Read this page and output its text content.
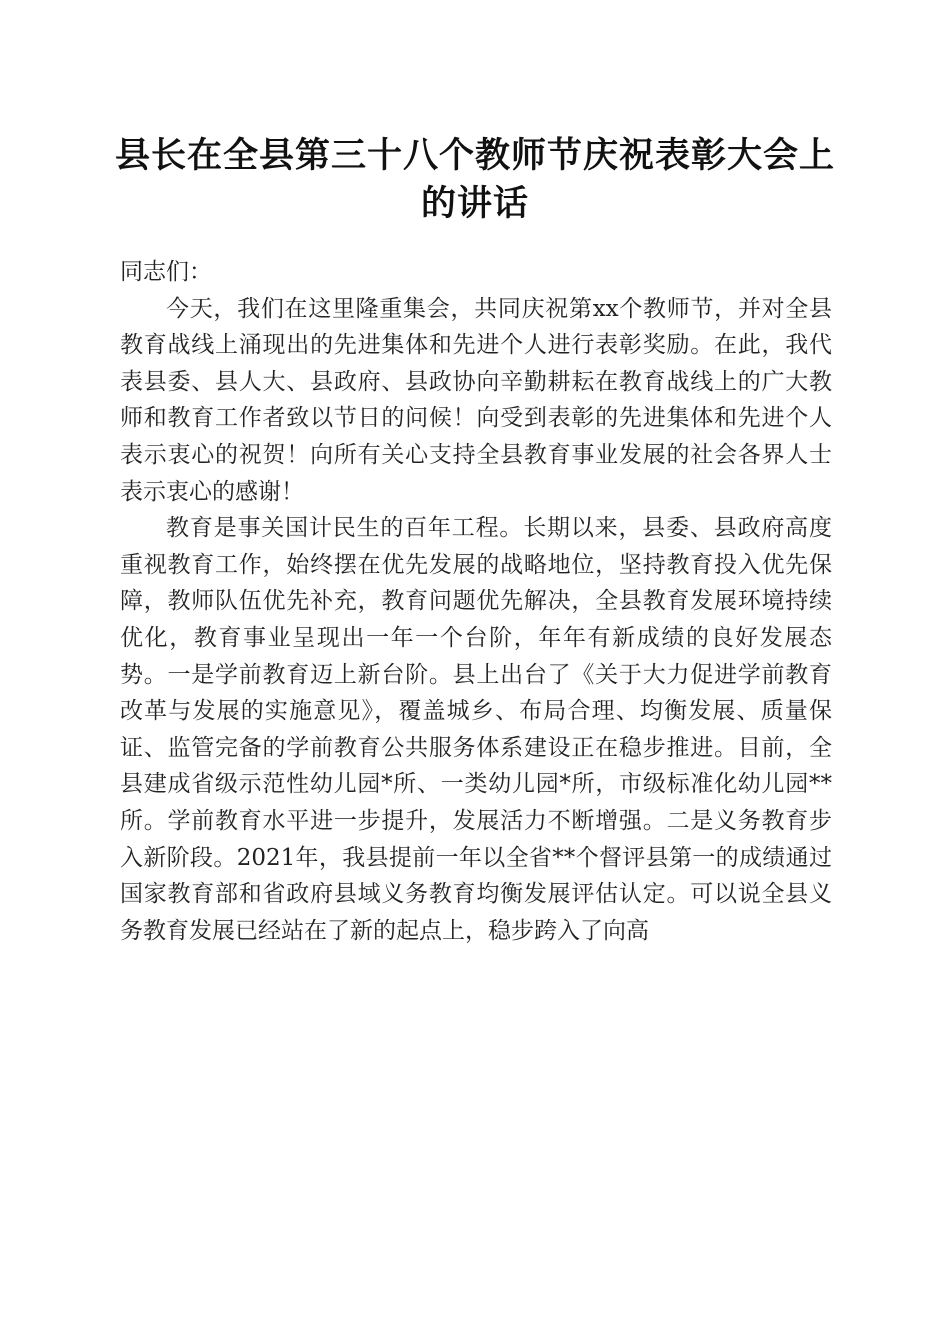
县长在全县第三十八个教师节庆祝表彰大会上
的讲话

同志们：

今天，我们在这里隆重集会，共同庆祝第xx个教师节，并对全县教育战线上涌现出的先进集体和先进个人进行表彰奖励。在此，我代表县委、县人大、县政府、县政协向辛勤耕耘在教育战线上的广大教师和教育工作者致以节日的问候！向受到表彰的先进集体和先进个人表示衷心的祝贺！向所有关心支持全县教育事业发展的社会各界人士表示衷心的感谢！

教育是事关国计民生的百年工程。长期以来，县委、县政府高度重视教育工作，始终摆在优先发展的战略地位，坚持教育投入优先保障，教师队伍优先补充，教育问题优先解决，全县教育发展环境持续优化，教育事业呈现出一年一个台阶，年年有新成绩的良好发展态势。一是学前教育迈上新台阶。县上出台了《关于大力促进学前教育改革与发展的实施意见》，覆盖城乡、布局合理、均衡发展、质量保证、监管完备的学前教育公共服务体系建设正在稳步推进。目前，全县建成省级示范性幼儿园*所、一类幼儿园*所，市级标准化幼儿园**所。学前教育水平进一步提升，发展活力不断增强。二是义务教育步入新阶段。2021年，我县提前一年以全省**个督评县第一的成绩通过国家教育部和省政府县域义务教育均衡发展评估认定。可以说全县义务教育发展已经站在了新的起点上，稳步跨入了向高
